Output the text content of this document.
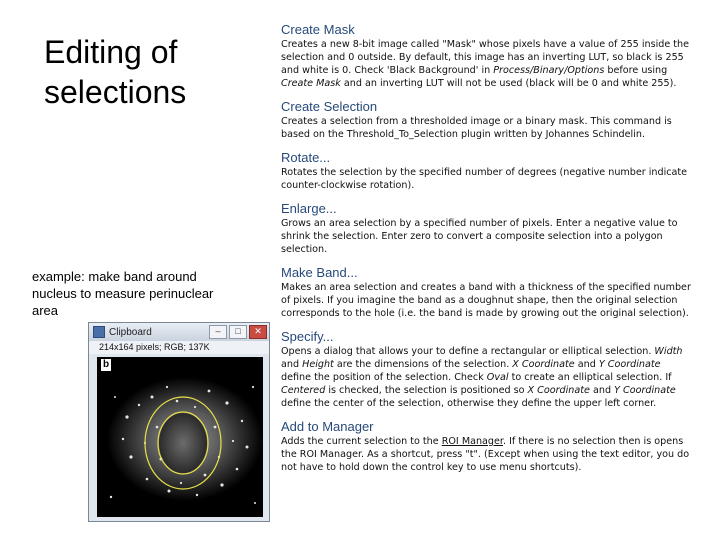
Editing of
selections
example: make band around nucleus to measure perinuclear area
Clipboard	–	□	✕
214x164 pixels; RGB; 137K
b

Create Mask

Creates a new 8-bit image called "Mask" whose pixels have a value of 255 inside the selection and 0 outside. By default, this image has an inverting LUT, so black is 255 and white is 0. Check 'Black Background' in Process/Binary/Options before using Create Mask and an inverting LUT will not be used (black will be 0 and white 255).

Create Selection

Creates a selection from a thresholded image or a binary mask. This command is based on the Threshold_To_Selection plugin written by Johannes Schindelin.

Rotate...

Rotates the selection by the specified number of degrees (negative number indicate counter-clockwise rotation).

Enlarge...

Grows an area selection by a specified number of pixels. Enter a negative value to shrink the selection. Enter zero to convert a composite selection into a polygon selection.

Make Band...

Makes an area selection and creates a band with a thickness of the specified number of pixels. If you imagine the band as a doughnut shape, then the original selection corresponds to the hole (i.e. the band is made by growing out the original selection).

Specify...

Opens a dialog that allows your to define a rectangular or elliptical selection. Width and Height are the dimensions of the selection. X Coordinate and Y Coordinate define the position of the selection. Check Oval to create an elliptical selection. If Centered is checked, the selection is positioned so X Coordinate and Y Coordinate define the center of the selection, otherwise they define the upper left corner.

Add to Manager

Adds the current selection to the ROI Manager. If there is no selection then is opens the ROI Manager. As a shortcut, press "t". (Except when using the text editor, you do not have to hold down the control key to use menu shortcuts).
